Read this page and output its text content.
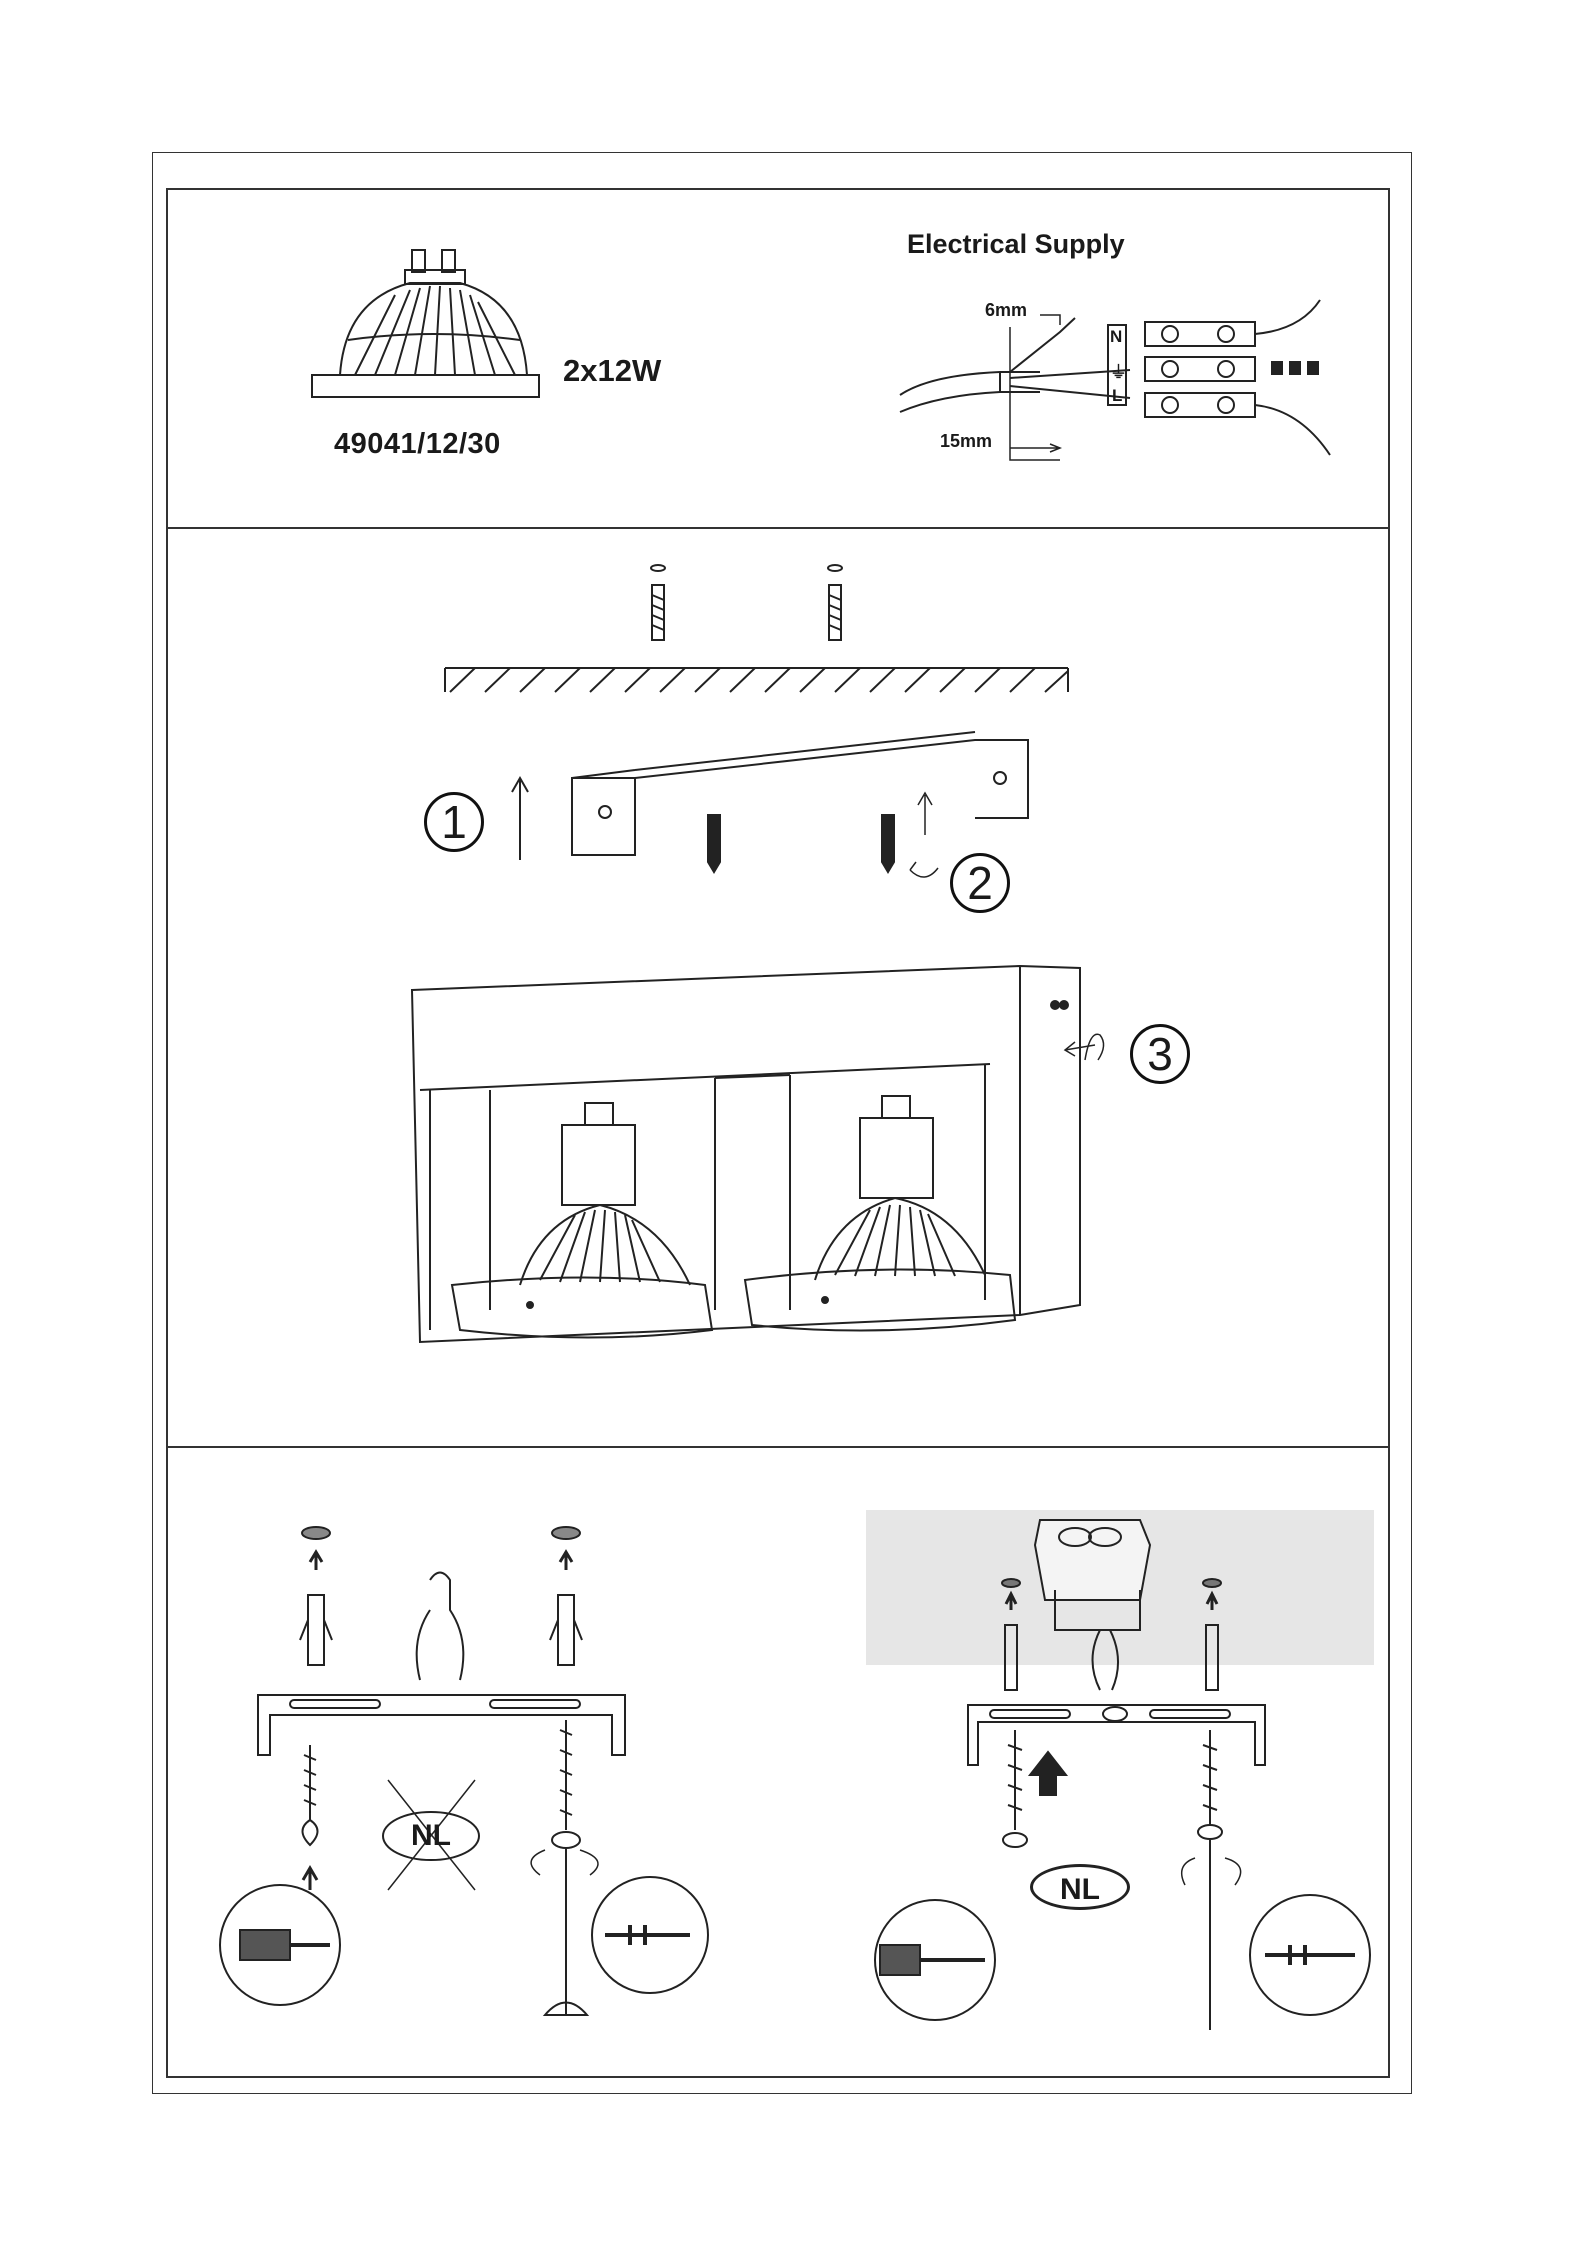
49041/12/30
2x12W
Electrical Supply
6mm
15mm
N
⏚
L
1
2
3
NL
NL
